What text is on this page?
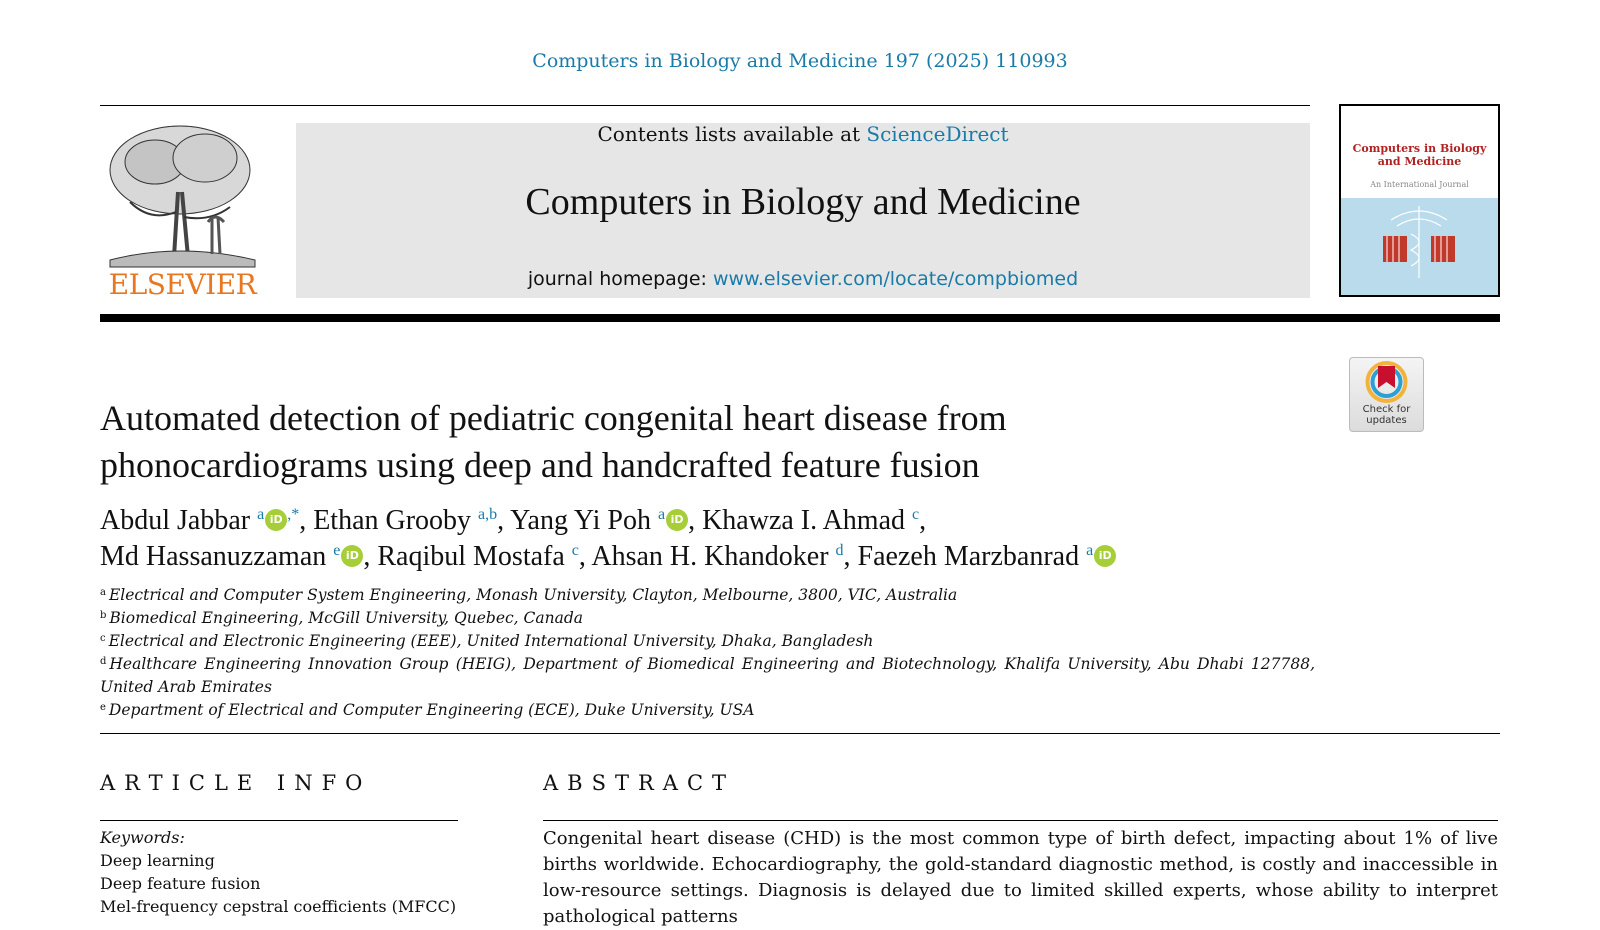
Computers in Biology and Medicine 197 (2025) 110993
ELSEVIER
Contents lists available at ScienceDirect
Computers in Biology and Medicine
journal homepage: www.elsevier.com/locate/compbiomed
Computers in Biology and Medicine
An International Journal
Check for updates
Automated detection of pediatric congenital heart disease from
phonocardiograms using deep and handcrafted feature fusion
Abdul Jabbar $^a$ iD ,*, Ethan Grooby $^{a,b}$, Yang Yi Poh $^a$ iD , Khawza I. Ahmad $^c$,
Md Hassanuzzaman $^e$ iD , Raqibul Mostafa $^c$, Ahsan H. Khandoker $^d$, Faezeh Marzbanrad $^a$ iD

$^a$ Electrical and Computer System Engineering, Monash University, Clayton, Melbourne, 3800, VIC, Australia

$^b$ Biomedical Engineering, McGill University, Quebec, Canada

$^c$ Electrical and Electronic Engineering (EEE), United International University, Dhaka, Bangladesh

$^d$ Healthcare Engineering Innovation Group (HEIG), Department of Biomedical Engineering and Biotechnology, Khalifa University, Abu Dhabi 127788, United Arab Emirates

$^e$ Department of Electrical and Computer Engineering (ECE), Duke University, USA

ARTICLE INFO	ABSTRACT
Keywords:
Deep learning
Deep feature fusion
Mel-frequency cepstral coefficients (MFCC)
Congenital heart disease (CHD) is the most common type of birth defect, impacting about 1% of live births worldwide. Echocardiography, the gold-standard diagnostic method, is costly and inaccessible in low-resource settings. Diagnosis is delayed due to limited skilled experts, whose ability to interpret pathological patterns
